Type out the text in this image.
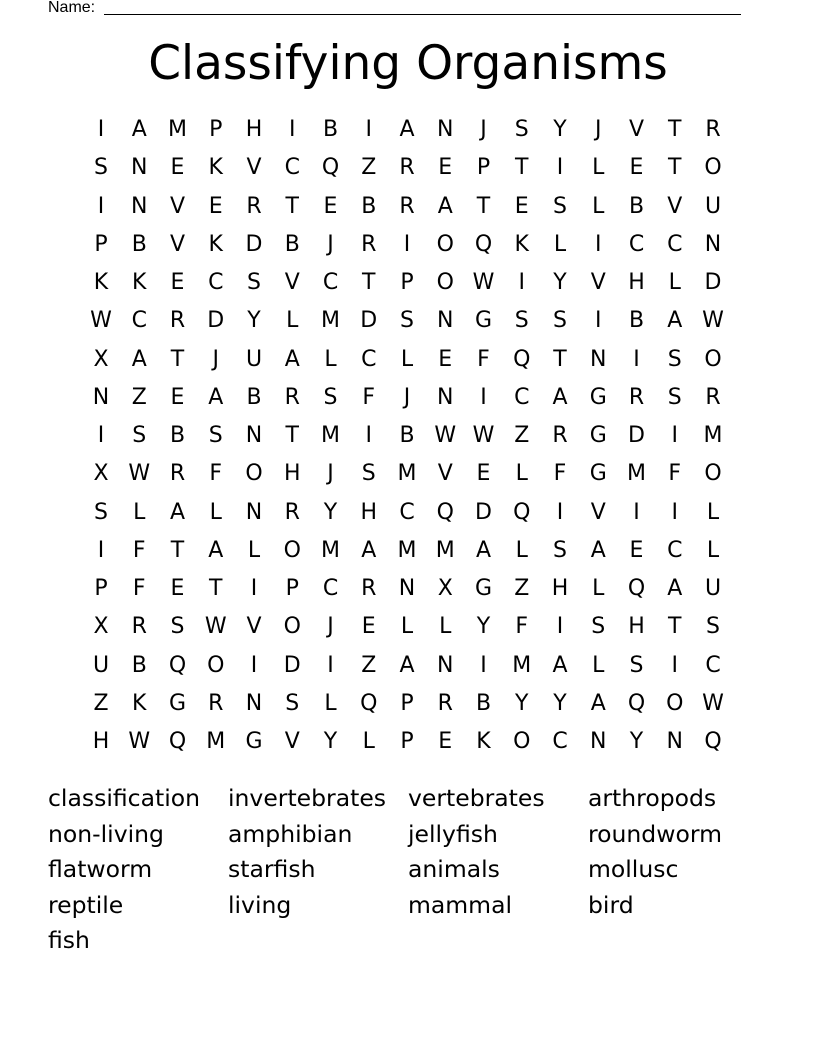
Name:
Classifying Organisms
I	A M	P	H	I	B	I	A	N	J	S	Y	J	V	T	R
S	N	E	K	V	C Q	Z	R	E	P	T	I	L	E	T	O
I	N	V	E	R	T	E	B	R	A	T	E	S	L	B	V	U
P	B	V	K	D	B	J	R	I	O Q	K	L	I	C	C	N
K	K	E	C	S	V	C	T	P	O W	I	Y	V	H	L	D
W C	R	D	Y	L	M D	S	N G	S	S	I	B	A W
X	A	T	J	U	A	L	C	L	E	F	Q	T	N	I	S	O
N	Z	E	A	B	R	S	F	J	N	I	C	A	G	R	S	R
I	S	B	S	N	T	M	I	B W W Z	R	G D	I	M
X W R	F	O H	J	S M V	E	L	F	G M	F	O
S	L	A	L	N	R	Y	H	C Q D Q	I	V	I	I	L
I	F	T	A	L	O M A M M A	L	S	A	E	C	L
P	F	E	T	I	P	C	R	N	X	G	Z	H	L	Q	A	U
X	R	S W V	O	J	E	L	L	Y	F	I	S	H	T	S
U	B	Q O	I	D	I	Z	A	N	I	M A	L	S	I	C
Z	K	G	R	N	S	L	Q	P	R	B	Y	Y	A	Q O W
H W Q M G	V	Y	L	P	E	K	O C	N	Y	N Q
classification invertebrates vertebrates arthropods
non-living	amphibian jellyfish	roundworm
flatworm	starfish	animals	mollusc
reptile	living	mammal	bird
fish
